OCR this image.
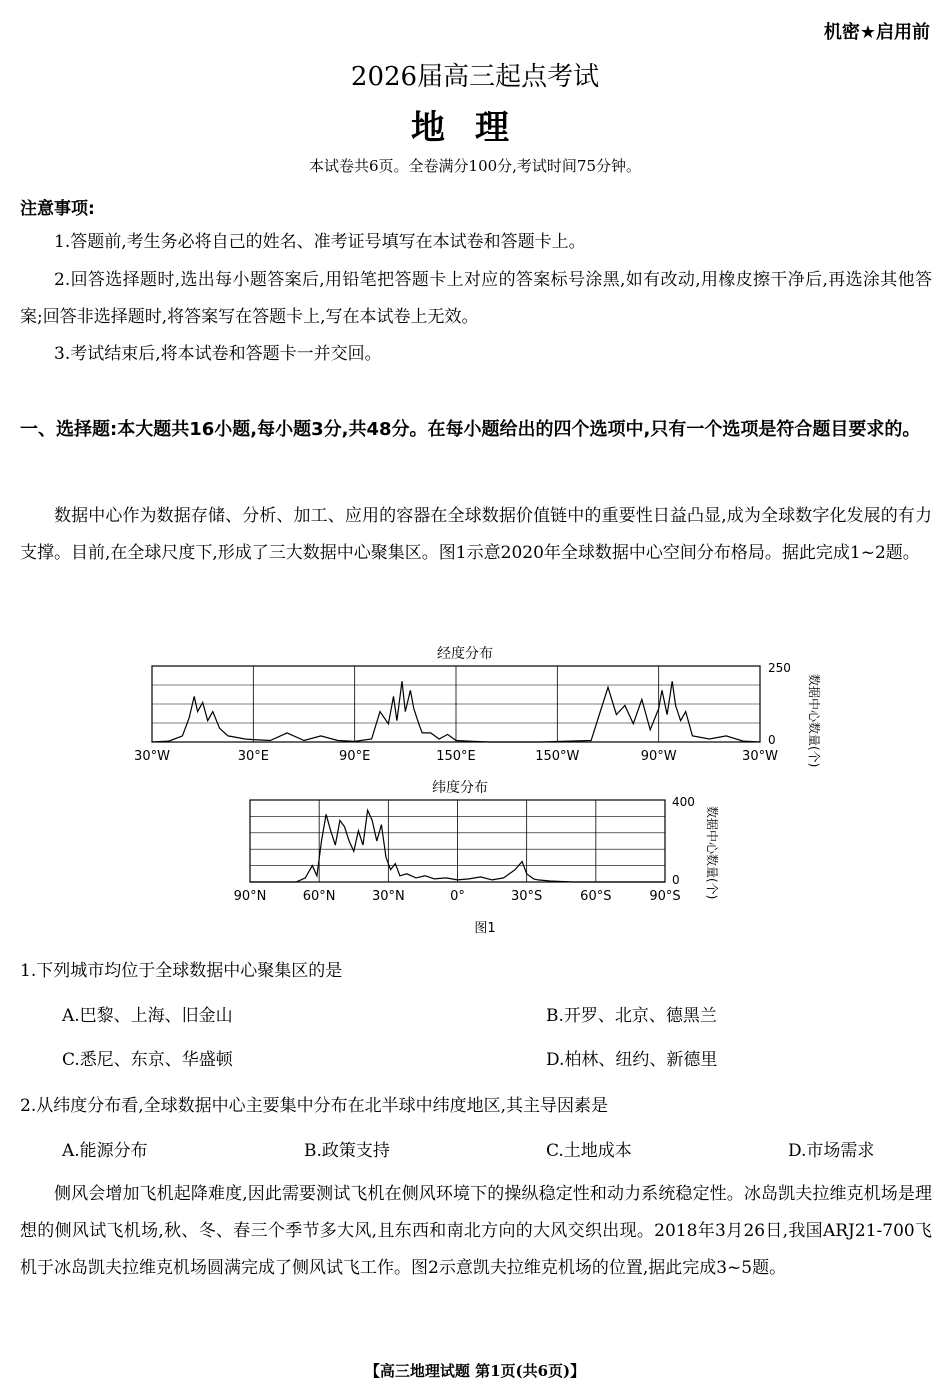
机密★启用前
2026届高三起点考试
地理
本试卷共6页。全卷满分100分,考试时间75分钟。
注意事项:
1.答题前,考生务必将自己的姓名、准考证号填写在本试卷和答题卡上。
2.回答选择题时,选出每小题答案后,用铅笔把答题卡上对应的答案标号涂黑,如有改动,用橡皮擦干净后,再选涂其他答案;回答非选择题时,将答案写在答题卡上,写在本试卷上无效。
3.考试结束后,将本试卷和答题卡一并交回。
一、选择题:本大题共16小题,每小题3分,共48分。在每小题给出的四个选项中,只有一个选项是符合题目要求的。
数据中心作为数据存储、分析、加工、应用的容器在全球数据价值链中的重要性日益凸显,成为全球数字化发展的有力支撑。目前,在全球尺度下,形成了三大数据中心聚集区。图1示意2020年全球数据中心空间分布格局。据此完成1~2题。
经度分布
30°W	30°E	90°E	150°E	150°W	90°W	30°W
250
0	数据中心数量(个)
纬度分布
90°N	60°N	30°N	0°	30°S	60°S	90°S
400
0 数据中心数量(个)
图1
1.下列城市均位于全球数据中心聚集区的是
A.巴黎、上海、旧金山	B.开罗、北京、德黑兰
C.悉尼、东京、华盛顿	D.柏林、纽约、新德里
2.从纬度分布看,全球数据中心主要集中分布在北半球中纬度地区,其主导因素是
A.能源分布	B.政策支持	C.土地成本	D.市场需求
侧风会增加飞机起降难度,因此需要测试飞机在侧风环境下的操纵稳定性和动力系统稳定性。冰岛凯夫拉维克机场是理想的侧风试飞机场,秋、冬、春三个季节多大风,且东西和南北方向的大风交织出现。2018年3月26日,我国ARJ21-700飞机于冰岛凯夫拉维克机场圆满完成了侧风试飞工作。图2示意凯夫拉维克机场的位置,据此完成3~5题。
【高三地理试题 第1页(共6页)】
